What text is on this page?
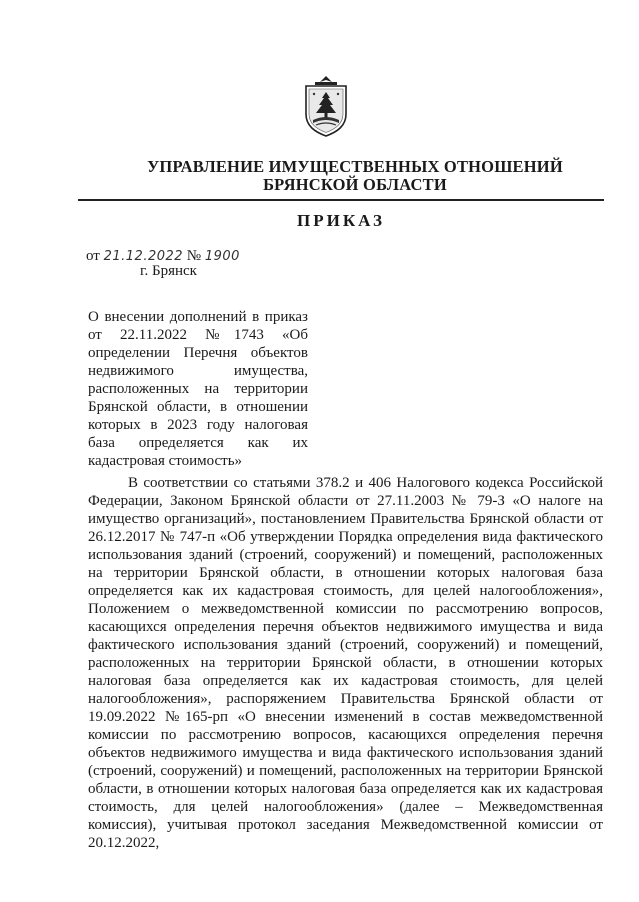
УПРАВЛЕНИЕ ИМУЩЕСТВЕННЫХ ОТНОШЕНИЙ
БРЯНСКОЙ ОБЛАСТИ
ПРИКАЗ
от 21.12.2022 № 1900
г. Брянск
О внесении дополнений в приказ
от 22.11.2022 №1743 «Об
определении Перечня объектов
недвижимого имущества,
расположенных на территории
Брянской области, в отношении
которых в 2023 году налоговая
база определяется как их
кадастровая стоимость»
В соответствии со статьями 378.2 и 406 Налогового кодекса Российской
Федерации, Законом Брянской области от 27.11.2003 № 79-З «О налоге на
имущество организаций», постановлением Правительства Брянской области от
26.12.2017 № 747-п «Об утверждении Порядка определения вида фактического
использования зданий (строений, сооружений) и помещений, расположенных
на территории Брянской области, в отношении которых налоговая база
определяется как их кадастровая стоимость, для целей налогообложения»,
Положением о межведомственной комиссии по рассмотрению вопросов,
касающихся определения перечня объектов недвижимого имущества и вида
фактического использования зданий (строений, сооружений) и помещений,
расположенных на территории Брянской области, в отношении которых
налоговая база определяется как их кадастровая стоимость, для целей
налогообложения», распоряжением Правительства Брянской области от
19.09.2022 №165-рп «О внесении изменений в состав межведомственной
комиссии по рассмотрению вопросов, касающихся определения перечня
объектов недвижимого имущества и вида фактического использования зданий
(строений, сооружений) и помещений, расположенных на территории Брянской
области, в отношении которых налоговая база определяется как их кадастровая
стоимость, для целей налогообложения» (далее – Межведомственная
комиссия), учитывая протокол заседания Межведомственной комиссии от
20.12.2022,
